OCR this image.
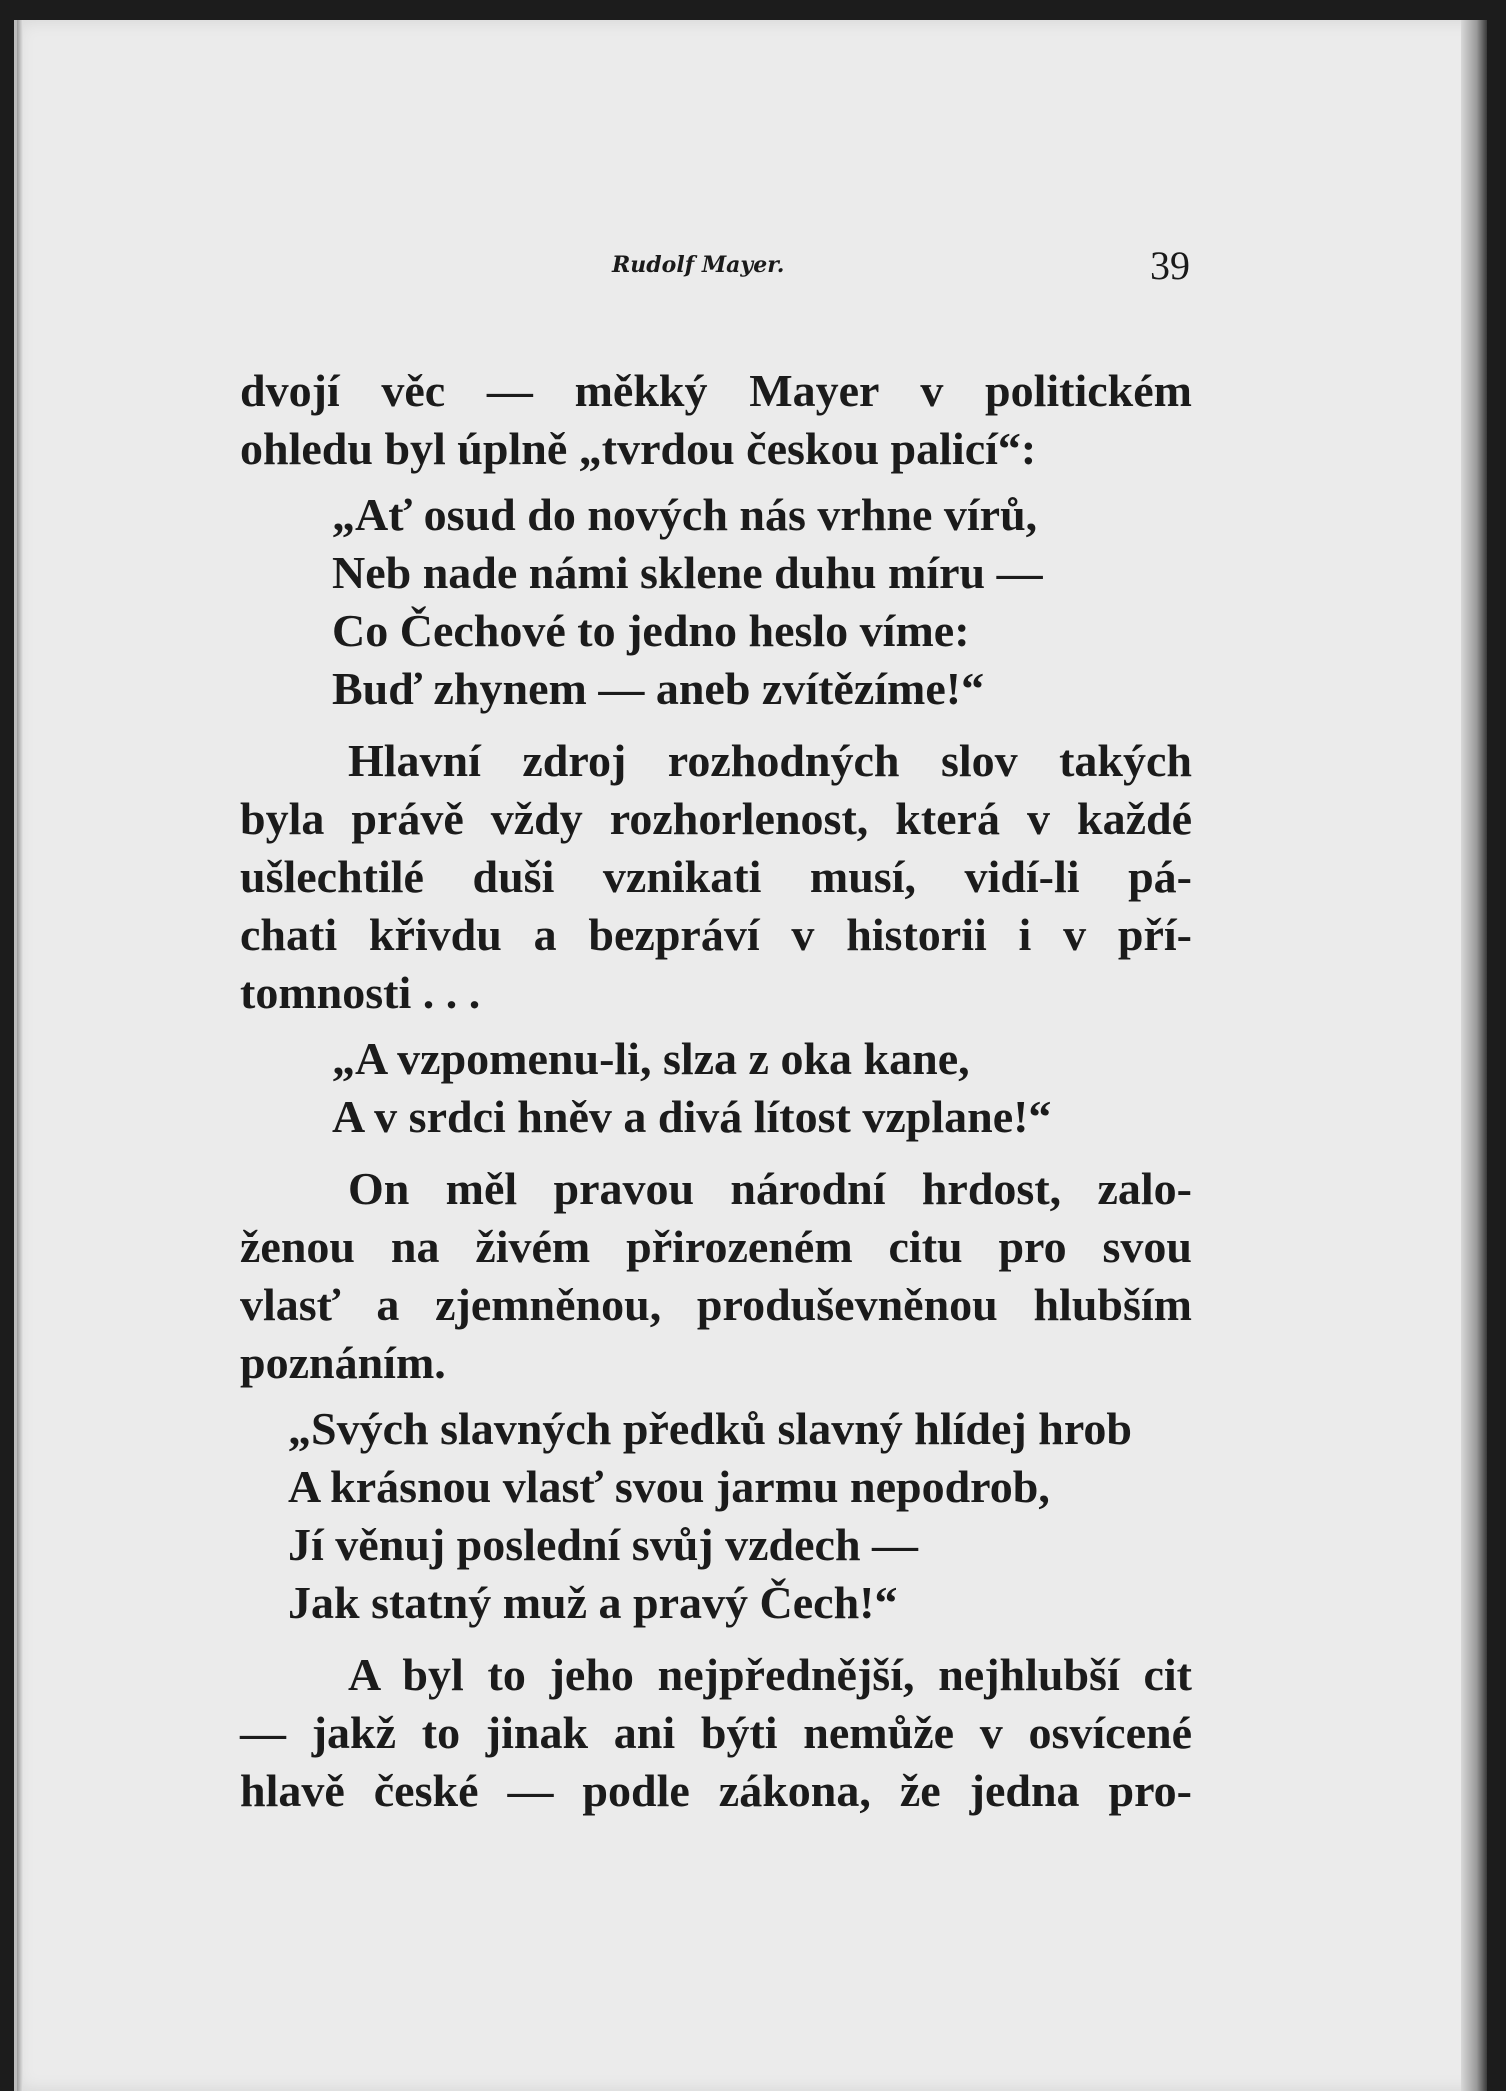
Rudolf Mayer.	39
dvojí věc — měkký Mayer v politickém
ohledu byl úplně „tvrdou českou palicí“:
„Ať osud do nových nás vrhne vírů,
Neb nade námi sklene duhu míru —
Co Čechové to jedno heslo víme:
Buď zhynem — aneb zvítězíme!“
Hlavní zdroj rozhodných slov takých
byla právě vždy rozhorlenost, která v každé
ušlechtilé duši vznikati musí, vidí-li pá-
chati křivdu a bezpráví v historii i v pří-
tomnosti . . .
„A vzpomenu-li, slza z oka kane,
A v srdci hněv a divá lítost vzplane!“
On měl pravou národní hrdost, zalo-
ženou na živém přirozeném citu pro svou
vlasť a zjemněnou, produševněnou hlubším
poznáním.
„Svých slavných předků slavný hlídej hrob
A krásnou vlasť svou jarmu nepodrob,
Jí věnuj poslední svůj vzdech —
Jak statný muž a pravý Čech!“
A byl to jeho nejpřednější, nejhlubší cit
— jakž to jinak ani býti nemůže v osvícené
hlavě české — podle zákona, že jedna pro-
